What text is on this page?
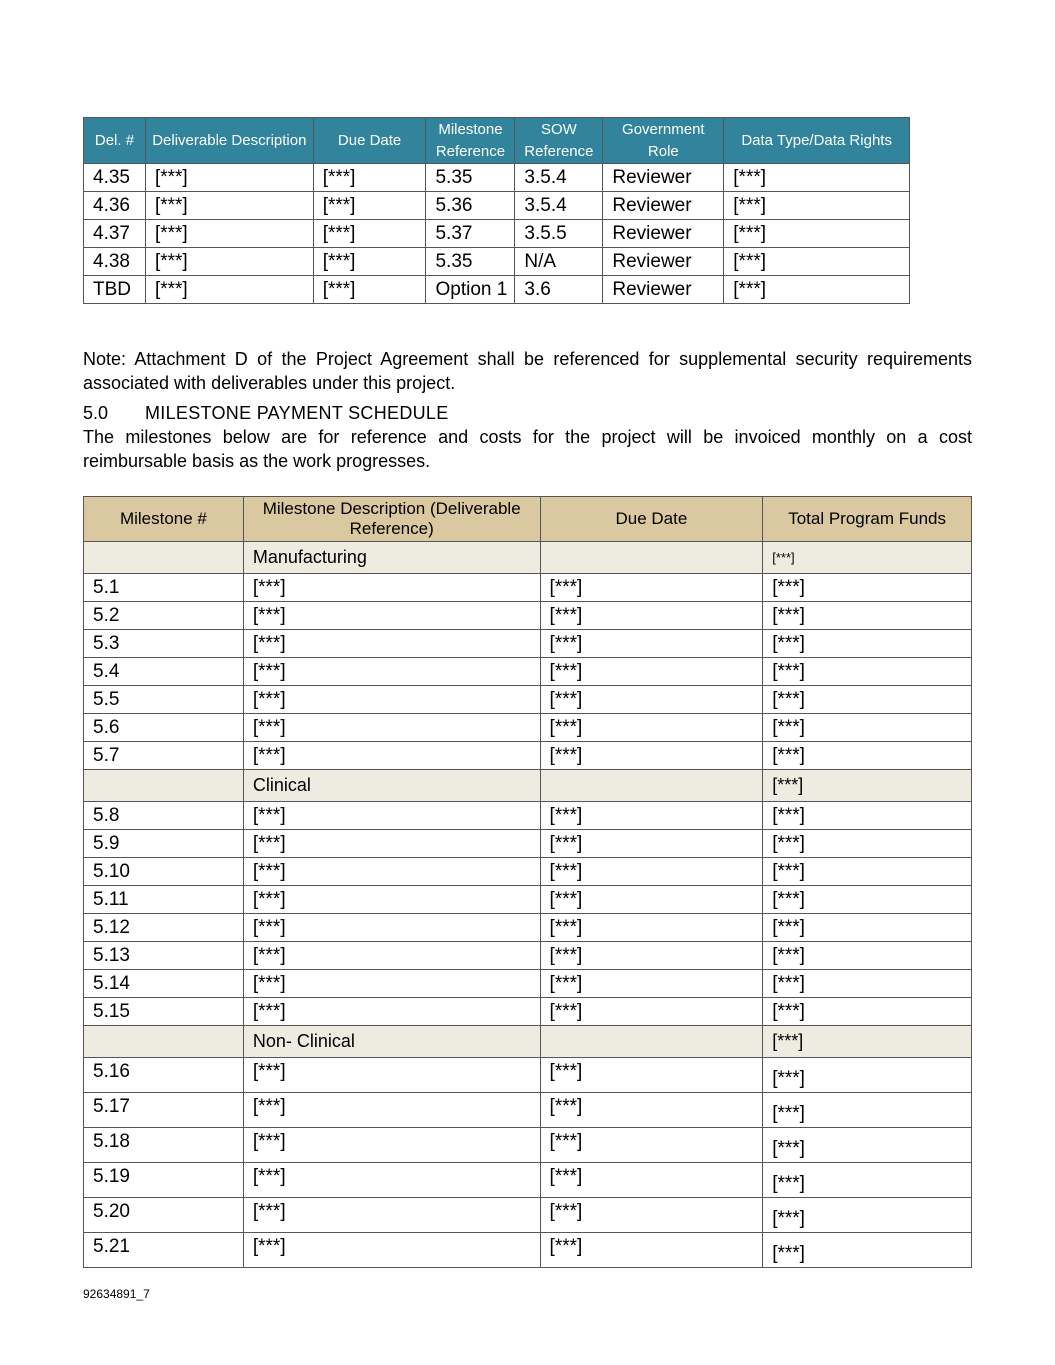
Del. #	Deliverable Description	Due Date	Milestone Reference	SOW Reference	Government Role	Data Type/Data Rights
4.35	[***]	[***]	5.35	3.5.4	Reviewer	[***]
4.36	[***]	[***]	5.36	3.5.4	Reviewer	[***]
4.37	[***]	[***]	5.37	3.5.5	Reviewer	[***]
4.38	[***]	[***]	5.35	N/A	Reviewer	[***]
TBD	[***]	[***]	Option 1	3.6	Reviewer	[***]

Note: Attachment D of the Project Agreement shall be referenced for supplemental security requirements associated with deliverables under this project.

5.0 MILESTONE PAYMENT SCHEDULE

The milestones below are for reference and costs for the project will be invoiced monthly on a cost reimbursable basis as the work progresses.

Milestone #	Milestone Description (Deliverable Reference)	Due Date	Total Program Funds
	Manufacturing		[***]
5.1	[***]	[***]	[***]
5.2	[***]	[***]	[***]
5.3	[***]	[***]	[***]
5.4	[***]	[***]	[***]
5.5	[***]	[***]	[***]
5.6	[***]	[***]	[***]
5.7	[***]	[***]	[***]
	Clinical		[***]
5.8	[***]	[***]	[***]
5.9	[***]	[***]	[***]
5.10	[***]	[***]	[***]
5.11	[***]	[***]	[***]
5.12	[***]	[***]	[***]
5.13	[***]	[***]	[***]
5.14	[***]	[***]	[***]
5.15	[***]	[***]	[***]
	Non- Clinical		[***]
5.16	[***]	[***]	[***]
5.17	[***]	[***]	[***]
5.18	[***]	[***]	[***]
5.19	[***]	[***]	[***]
5.20	[***]	[***]	[***]
5.21	[***]	[***]	[***]
92634891_7
